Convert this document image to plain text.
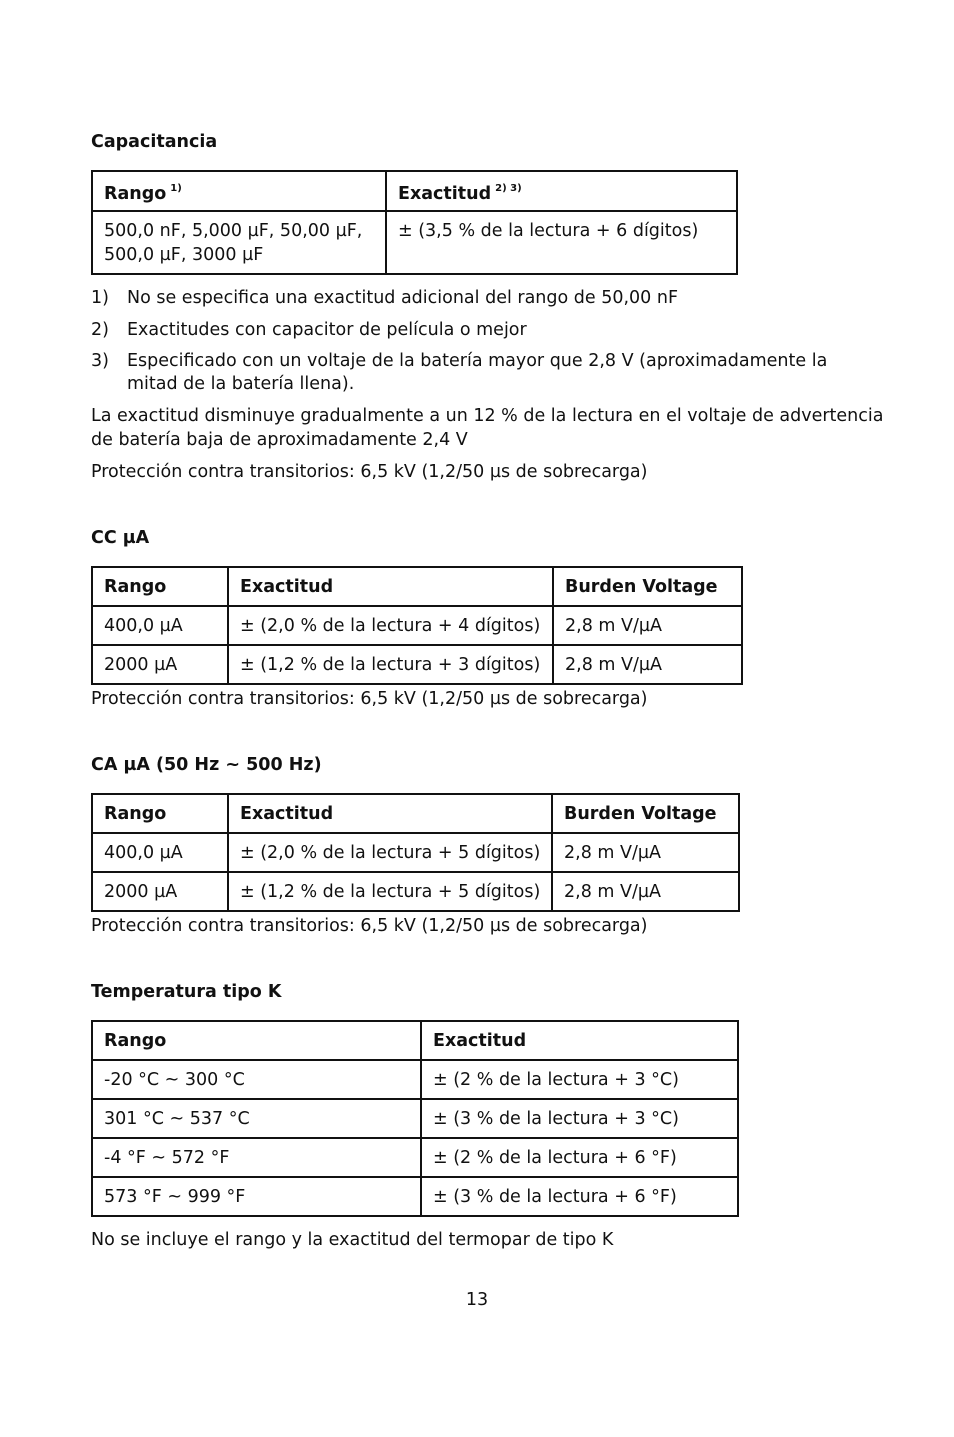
Capacitancia
Rango $^{1)}$	Exactitud $^{2) 3)}$
500,0 nF, 5,000 µF, 50,00 µF, 500,0 µF, 3000 µF	± (3,5 % de la lectura + 6 dígitos)
1) No se especifica una exactitud adicional del rango de 50,00 nF
2) Exactitudes con capacitor de película o mejor
3) Especificado con un voltaje de la batería mayor que 2,8 V (aproximadamente la
mitad de la batería llena).
La exactitud disminuye gradualmente a un 12 % de la lectura en el voltaje de advertencia
de batería baja de aproximadamente 2,4 V
Protección contra transitorios: 6,5 kV (1,2/50 µs de sobrecarga)
CC µA
Rango	Exactitud	Burden Voltage
400,0 µA	± (2,0 % de la lectura + 4 dígitos)	2,8 m V/µA
2000 µA	± (1,2 % de la lectura + 3 dígitos)	2,8 m V/µA
Protección contra transitorios: 6,5 kV (1,2/50 µs de sobrecarga)
CA µA (50 Hz ~ 500 Hz)
Rango	Exactitud	Burden Voltage
400,0 µA	± (2,0 % de la lectura + 5 dígitos)	2,8 m V/µA
2000 µA	± (1,2 % de la lectura + 5 dígitos)	2,8 m V/µA
Protección contra transitorios: 6,5 kV (1,2/50 µs de sobrecarga)
Temperatura tipo K
Rango	Exactitud
-20 °C ~ 300 °C	± (2 % de la lectura + 3 °C)
301 °C ~ 537 °C	± (3 % de la lectura + 3 °C)
-4 °F ~ 572 °F	± (2 % de la lectura + 6 °F)
573 °F ~ 999 °F	± (3 % de la lectura + 6 °F)
No se incluye el rango y la exactitud del termopar de tipo K
13
